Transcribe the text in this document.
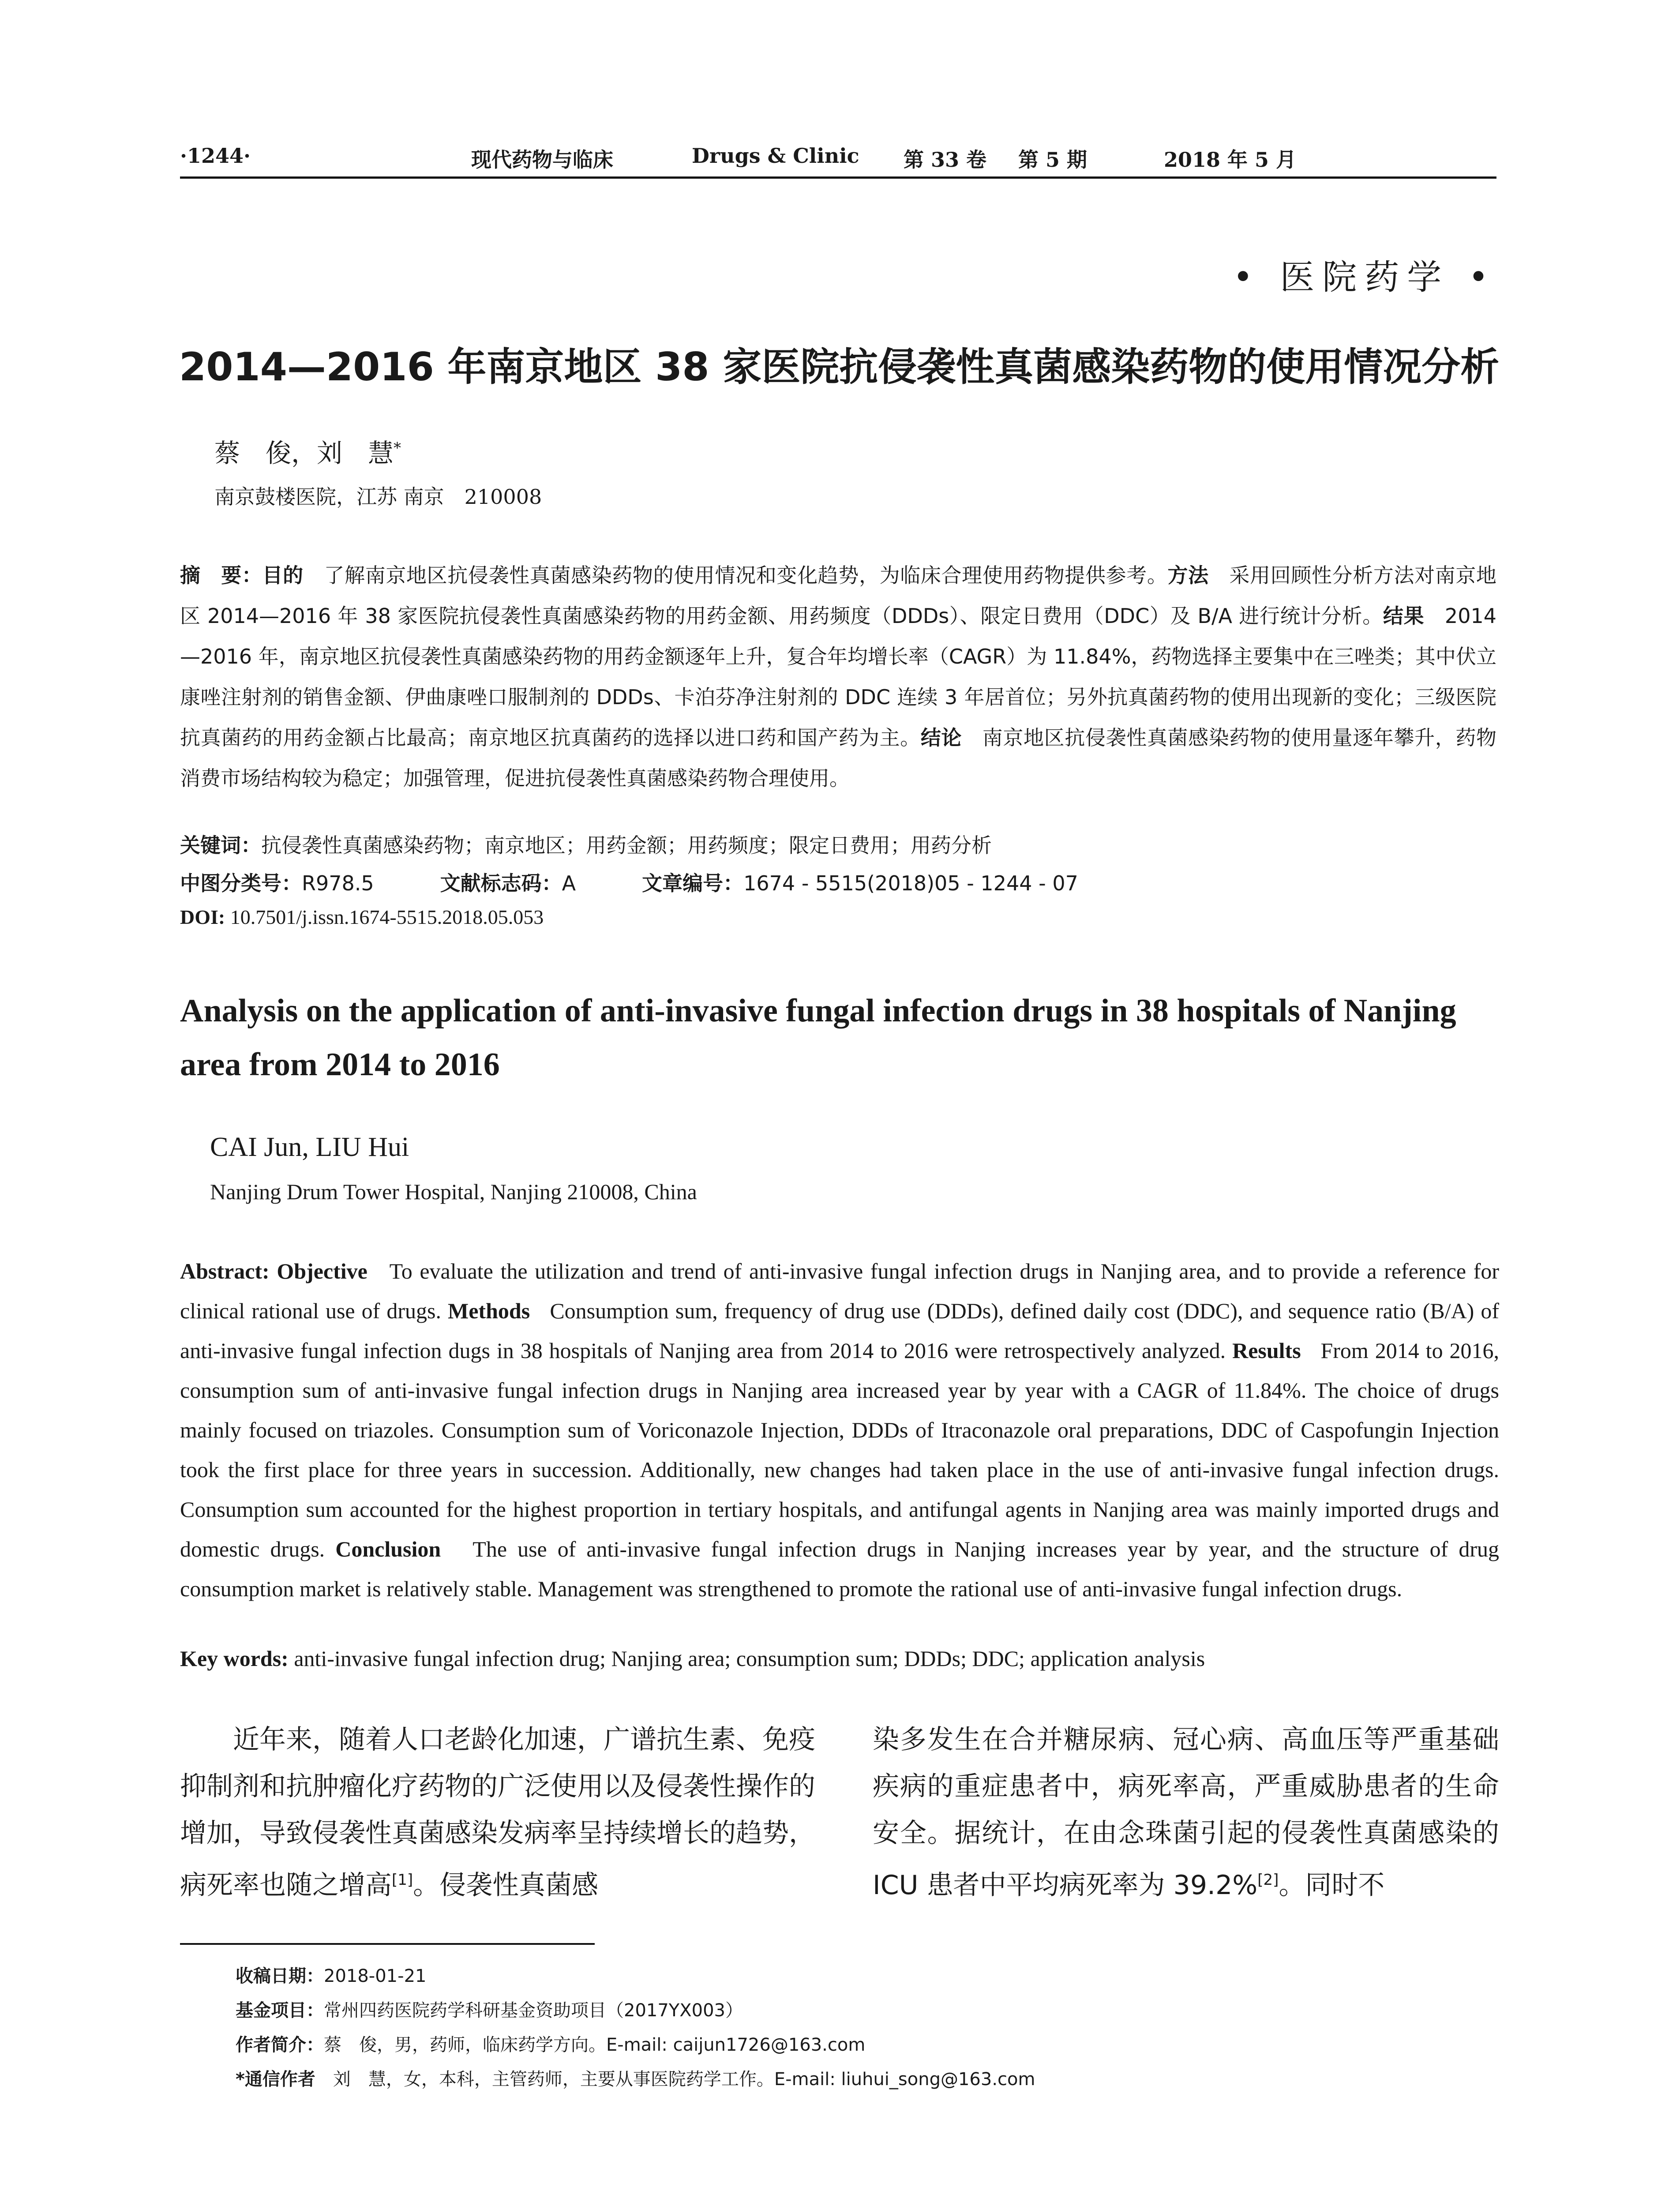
·1244·	现代药物与临床	Drugs & Clinic 第 33 卷 第 5 期	2018 年 5 月
• 医院药学 •
2014—2016 年南京地区 38 家医院抗侵袭性真菌感染药物的使用情况分析
蔡　俊，刘　慧*
南京鼓楼医院，江苏 南京　210008
摘　要：目的　 了解南京地区抗侵袭性真菌感染药物的使用情况和变化趋势，为临床合理使用药物提供参考。方法　 采用回顾性分析方法对南京地区 2014—2016 年 38 家医院抗侵袭性真菌感染药物的用药金额、用药频度（DDDs）、限定日费用（DDC）及 B/A 进行统计分析。结果　 2014—2016 年，南京地区抗侵袭性真菌感染药物的用药金额逐年上升，复合年均增长率（CAGR）为 11.84%，药物选择主要集中在三唑类；其中伏立康唑注射剂的销售金额、伊曲康唑口服制剂的 DDDs、卡泊芬净注射剂的 DDC 连续 3 年居首位；另外抗真菌药物的使用出现新的变化；三级医院抗真菌药的用药金额占比最高；南京地区抗真菌药的选择以进口药和国产药为主。结论　 南京地区抗侵袭性真菌感染药物的使用量逐年攀升，药物消费市场结构较为稳定；加强管理，促进抗侵袭性真菌感染药物合理使用。
关键词：抗侵袭性真菌感染药物；南京地区；用药金额；用药频度；限定日费用；用药分析
中图分类号：R978.5	文献标志码：A	文章编号：1674 - 5515(2018)05 - 1244 - 07
DOI: 10.7501/j.issn.1674-5515.2018.05.053
Analysis on the application of anti-invasive fungal infection drugs in 38 hospitals of Nanjing area from 2014 to 2016
CAI Jun, LIU Hui
Nanjing Drum Tower Hospital, Nanjing 210008, China
Abstract: Objective To evaluate the utilization and trend of anti-invasive fungal infection drugs in Nanjing area, and to provide a reference for clinical rational use of drugs. Methods Consumption sum, frequency of drug use (DDDs), defined daily cost (DDC), and sequence ratio (B/A) of anti-invasive fungal infection dugs in 38 hospitals of Nanjing area from 2014 to 2016 were retrospectively analyzed. Results From 2014 to 2016, consumption sum of anti-invasive fungal infection drugs in Nanjing area increased year by year with a CAGR of 11.84%. The choice of drugs mainly focused on triazoles. Consumption sum of Voriconazole Injection, DDDs of Itraconazole oral preparations, DDC of Caspofungin Injection took the first place for three years in succession. Additionally, new changes had taken place in the use of anti-invasive fungal infection drugs. Consumption sum accounted for the highest proportion in tertiary hospitals, and antifungal agents in Nanjing area was mainly imported drugs and domestic drugs. Conclusion The use of anti-invasive fungal infection drugs in Nanjing increases year by year, and the structure of drug consumption market is relatively stable. Management was strengthened to promote the rational use of anti-invasive fungal infection drugs.
Key words: anti-invasive fungal infection drug; Nanjing area; consumption sum; DDDs; DDC; application analysis
近年来，随着人口老龄化加速，广谱抗生素、免疫抑制剂和抗肿瘤化疗药物的广泛使用以及侵袭性操作的增加，导致侵袭性真菌感染发病率呈持续增长的趋势，病死率也随之增高[1]。侵袭性真菌感
染多发生在合并糖尿病、冠心病、高血压等严重基础疾病的重症患者中，病死率高，严重威胁患者的生命安全。据统计，在由念珠菌引起的侵袭性真菌感染的 ICU 患者中平均病死率为 39.2%[2]。同时不
收稿日期：2018-01-21
基金项目：常州四药医院药学科研基金资助项目（2017YX003）
作者简介：蔡　俊，男，药师，临床药学方向。E-mail: caijun1726@163.com
*通信作者　 刘　慧，女，本科，主管药师，主要从事医院药学工作。E-mail: liuhui_song@163.com
